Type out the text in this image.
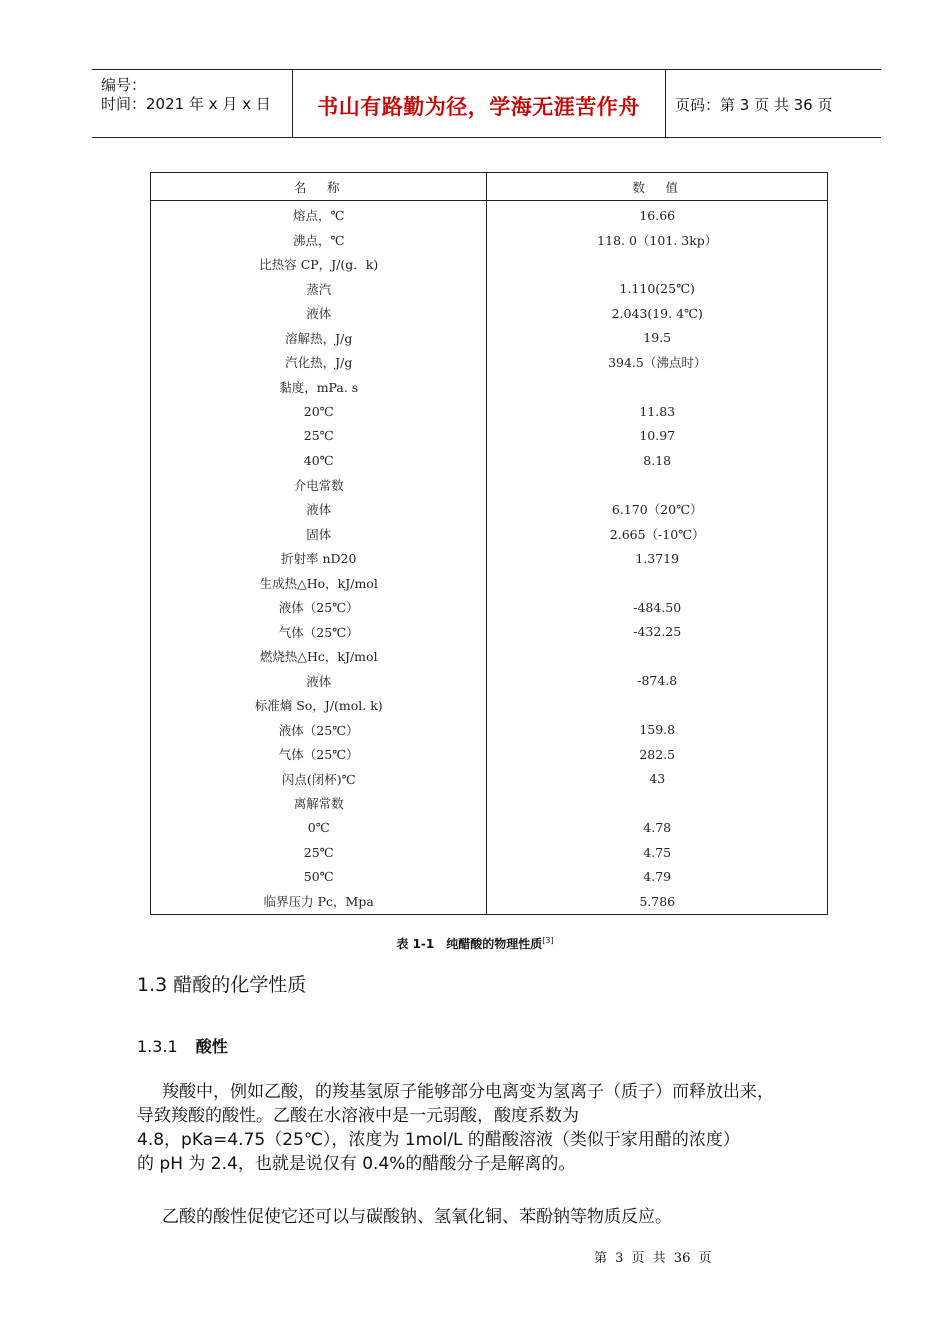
编号：
时间：2021 年 x 月 x 日	书山有路勤为径，学海无涯苦作舟	页码：第 3 页 共 36 页
名　称	数　值
熔点，℃	16.66
沸点，℃	118. 0（101. 3kp）
比热容 CP，J/(g．k)	
蒸汽	1.110(25℃)
液体	2.043(19. 4℃)
溶解热，J/g	19.5
汽化热，J/g	394.5（沸点时）
黏度，mPa. s	
20℃	11.83
25℃	10.97
40℃	8.18
介电常数	
液体	6.170（20℃）
固体	2.665（-10℃）
折射率 nD20	1.3719
生成热△Ho，kJ/mol	
液体（25℃）	-484.50
气体（25℃）	-432.25
燃烧热△Hc，kJ/mol	
液体	-874.8
标准熵 So，J/(mol. k)	
液体（25℃）	159.8
气体（25℃）	282.5
闪点(闭杯)℃	43
离解常数	
0℃	4.78
25℃	4.75
50℃	4.79
临界压力 Pc，Mpa	5.786
表 1-1　纯醋酸的物理性质[3]
1.3 醋酸的化学性质
1.3.1 酸性
羧酸中，例如乙酸，的羧基氢原子能够部分电离变为氢离子（质子）而释放出来，
导致羧酸的酸性。乙酸在水溶液中是一元弱酸，酸度系数为
4.8，pKa=4.75（25℃），浓度为 1mol/L 的醋酸溶液（类似于家用醋的浓度）
的 pH 为 2.4，也就是说仅有 0.4%的醋酸分子是解离的。
乙酸的酸性促使它还可以与碳酸钠、氢氧化铜、苯酚钠等物质反应。
第 3 页 共 36 页
